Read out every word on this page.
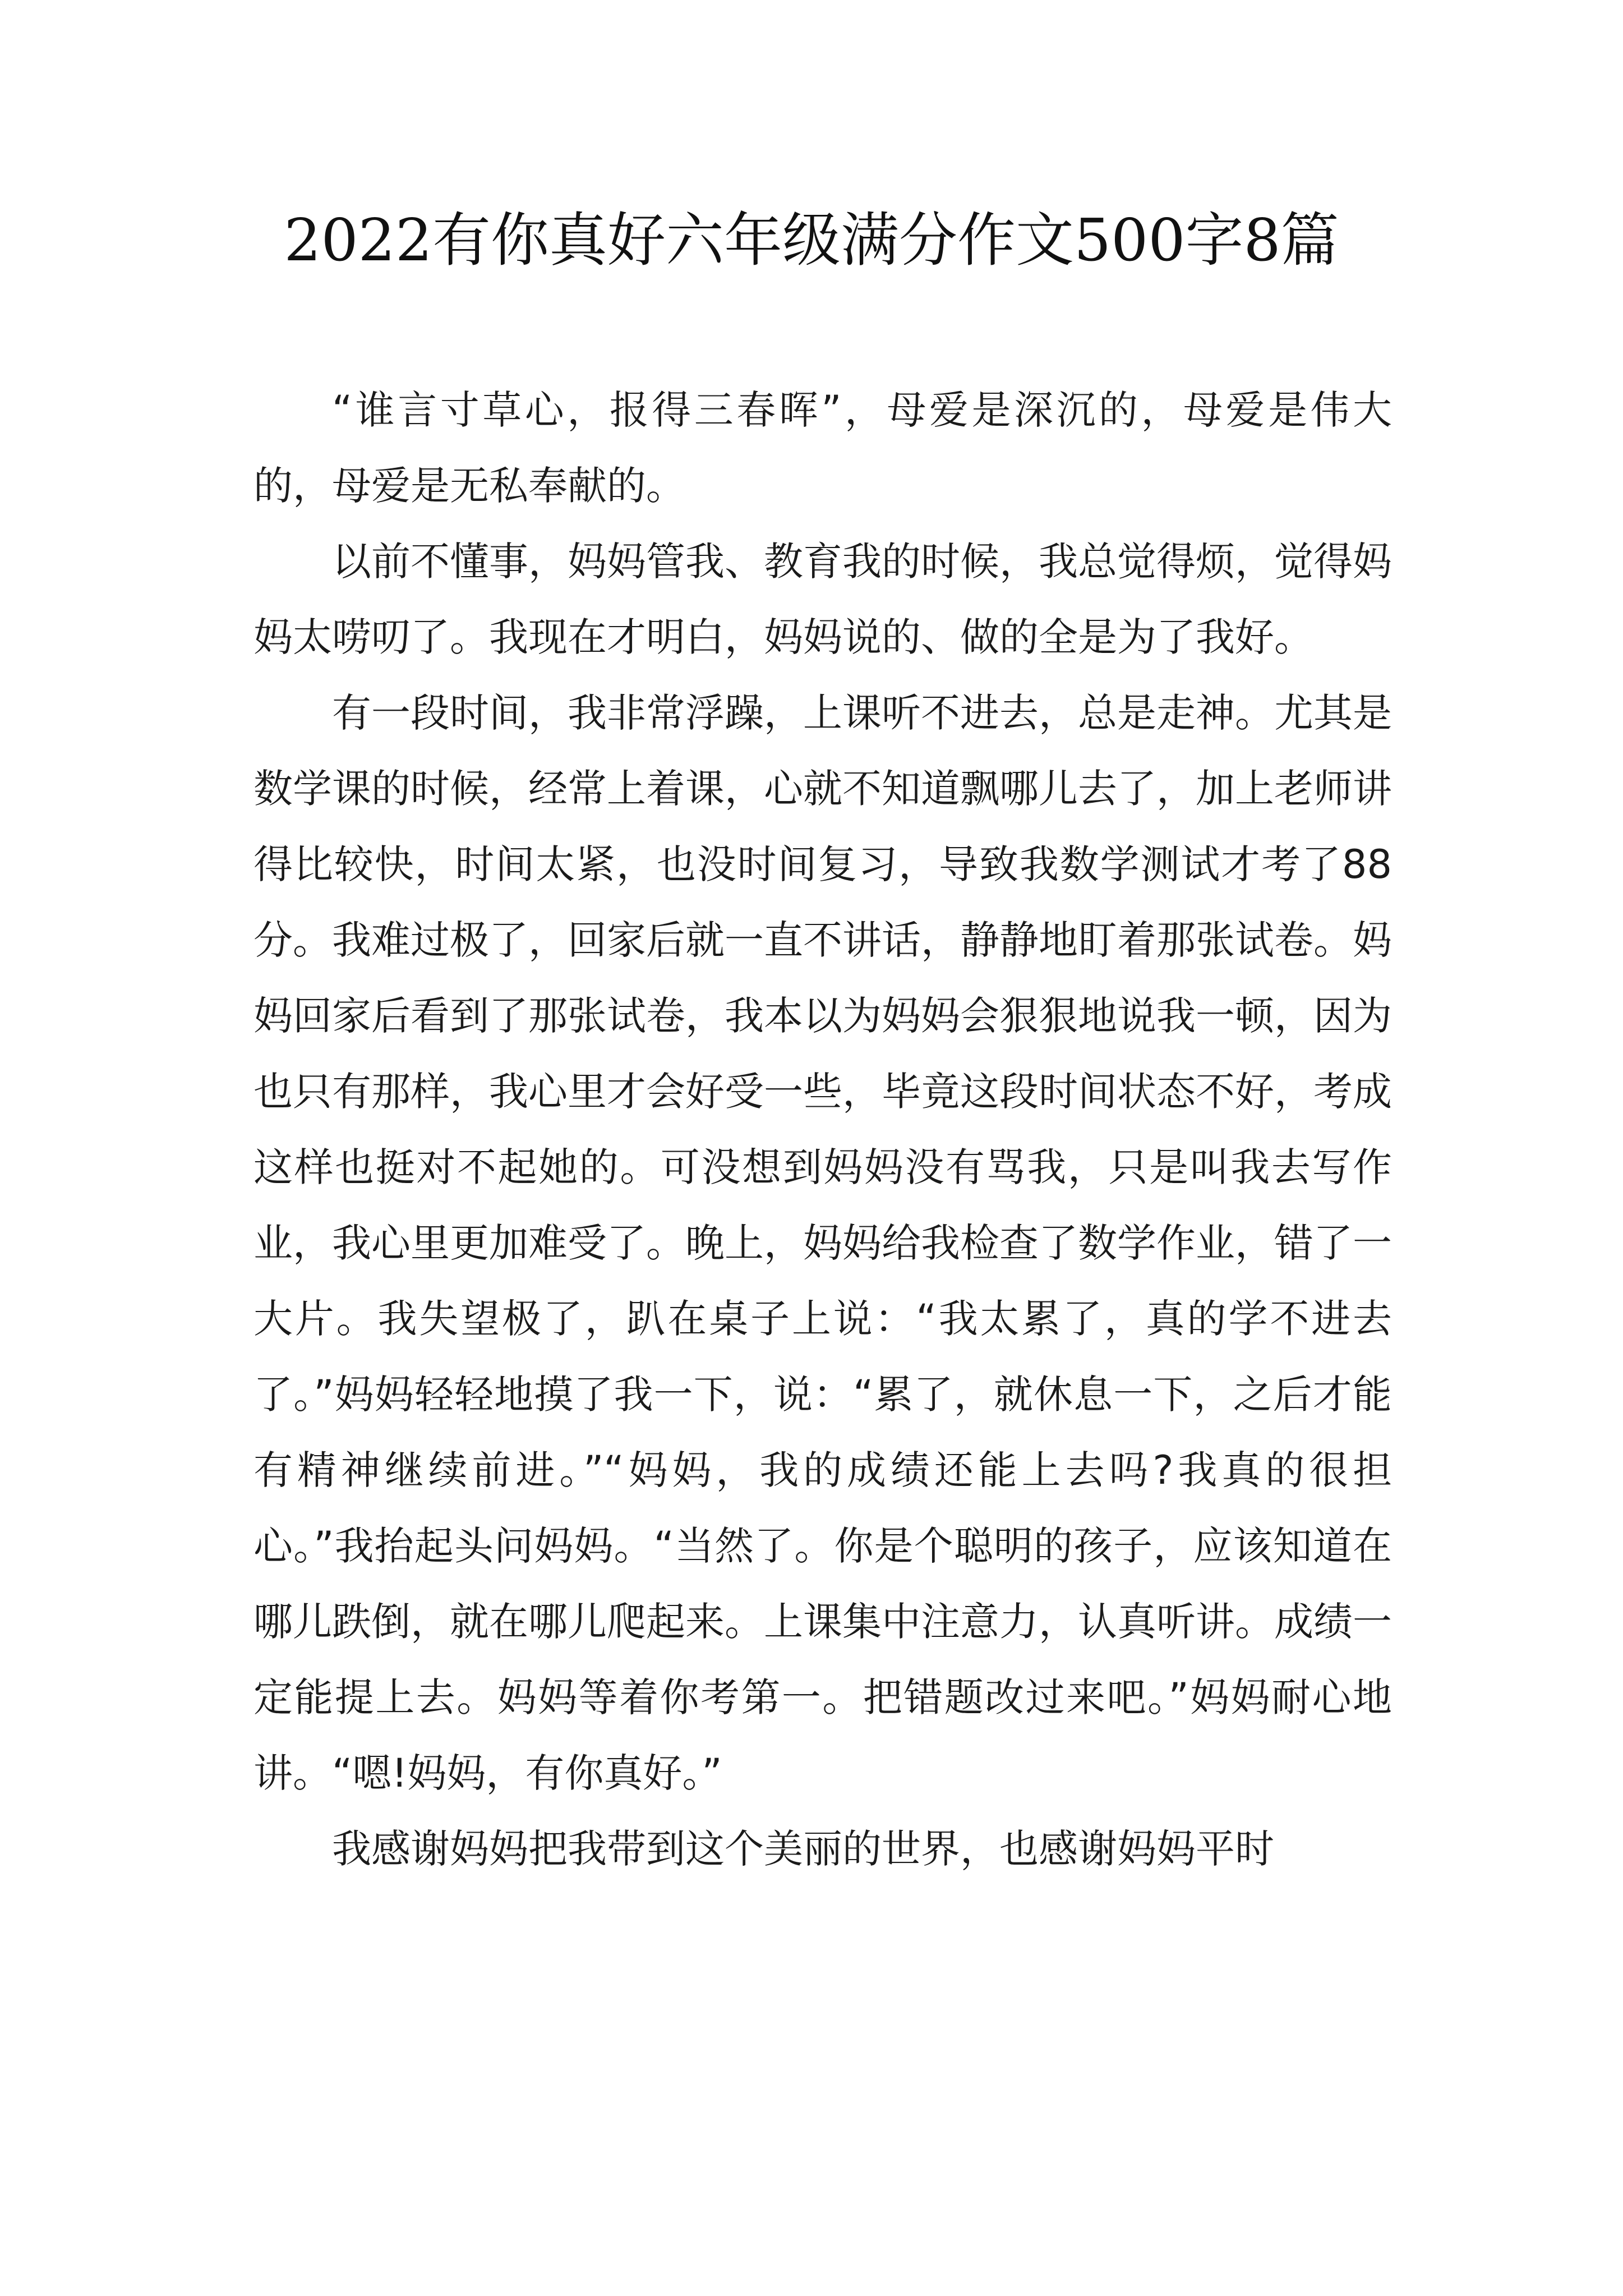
2022有你真好六年级满分作文500字8篇

“谁言寸草心，报得三春晖”，母爱是深沉的，母爱是伟大的，母爱是无私奉献的。

以前不懂事，妈妈管我、教育我的时候，我总觉得烦，觉得妈妈太唠叨了。我现在才明白，妈妈说的、做的全是为了我好。

有一段时间，我非常浮躁，上课听不进去，总是走神。尤其是数学课的时候，经常上着课，心就不知道飘哪儿去了，加上老师讲得比较快，时间太紧，也没时间复习，导致我数学测试才考了88分。我难过极了，回家后就一直不讲话，静静地盯着那张试卷。妈妈回家后看到了那张试卷，我本以为妈妈会狠狠地说我一顿，因为也只有那样，我心里才会好受一些，毕竟这段时间状态不好，考成这样也挺对不起她的。可没想到妈妈没有骂我，只是叫我去写作业，我心里更加难受了。晚上，妈妈给我检查了数学作业，错了一大片。我失望极了，趴在桌子上说：“我太累了，真的学不进去了。”妈妈轻轻地摸了我一下，说：“累了，就休息一下，之后才能有精神继续前进。”“妈妈，我的成绩还能上去吗?我真的很担心。”我抬起头问妈妈。“当然了。你是个聪明的孩子，应该知道在哪儿跌倒，就在哪儿爬起来。上课集中注意力，认真听讲。成绩一定能提上去。妈妈等着你考第一。把错题改过来吧。”妈妈耐心地讲。“嗯!妈妈，有你真好。”

我感谢妈妈把我带到这个美丽的世界，也感谢妈妈平时
